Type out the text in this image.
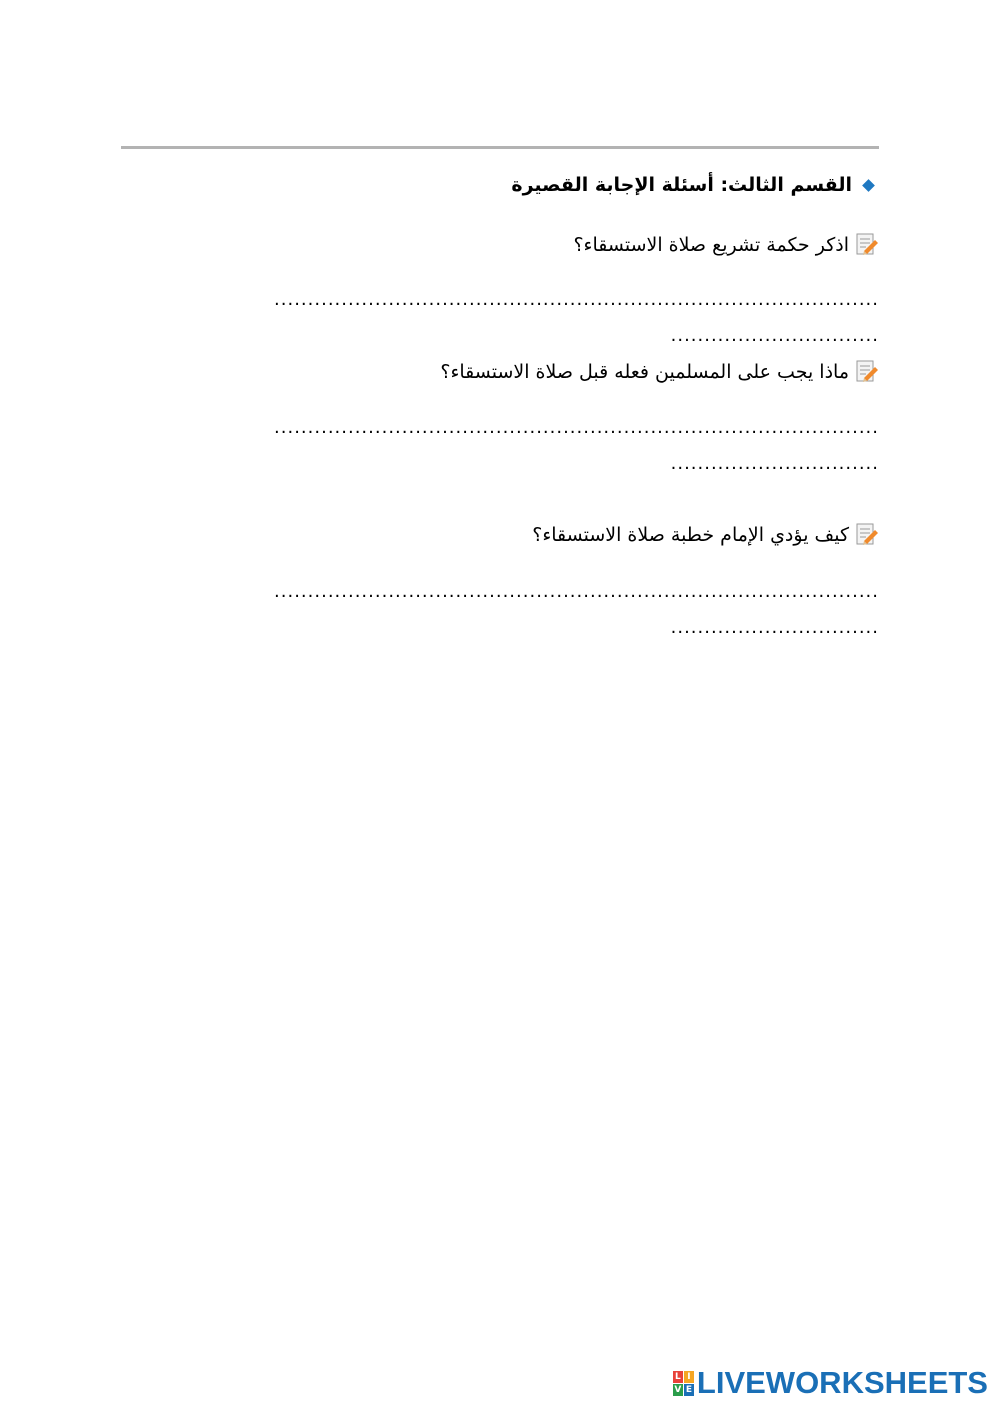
القسم الثالث: أسئلة الإجابة القصيرة
اذكر حكمة تشريع صلاة الاستسقاء؟
..........................................................................................
...............................
ماذا يجب على المسلمين فعله قبل صلاة الاستسقاء؟
..........................................................................................
...............................
كيف يؤدي الإمام خطبة صلاة الاستسقاء؟
..........................................................................................
...............................
L I
V E LIVEWORKSHEETS
